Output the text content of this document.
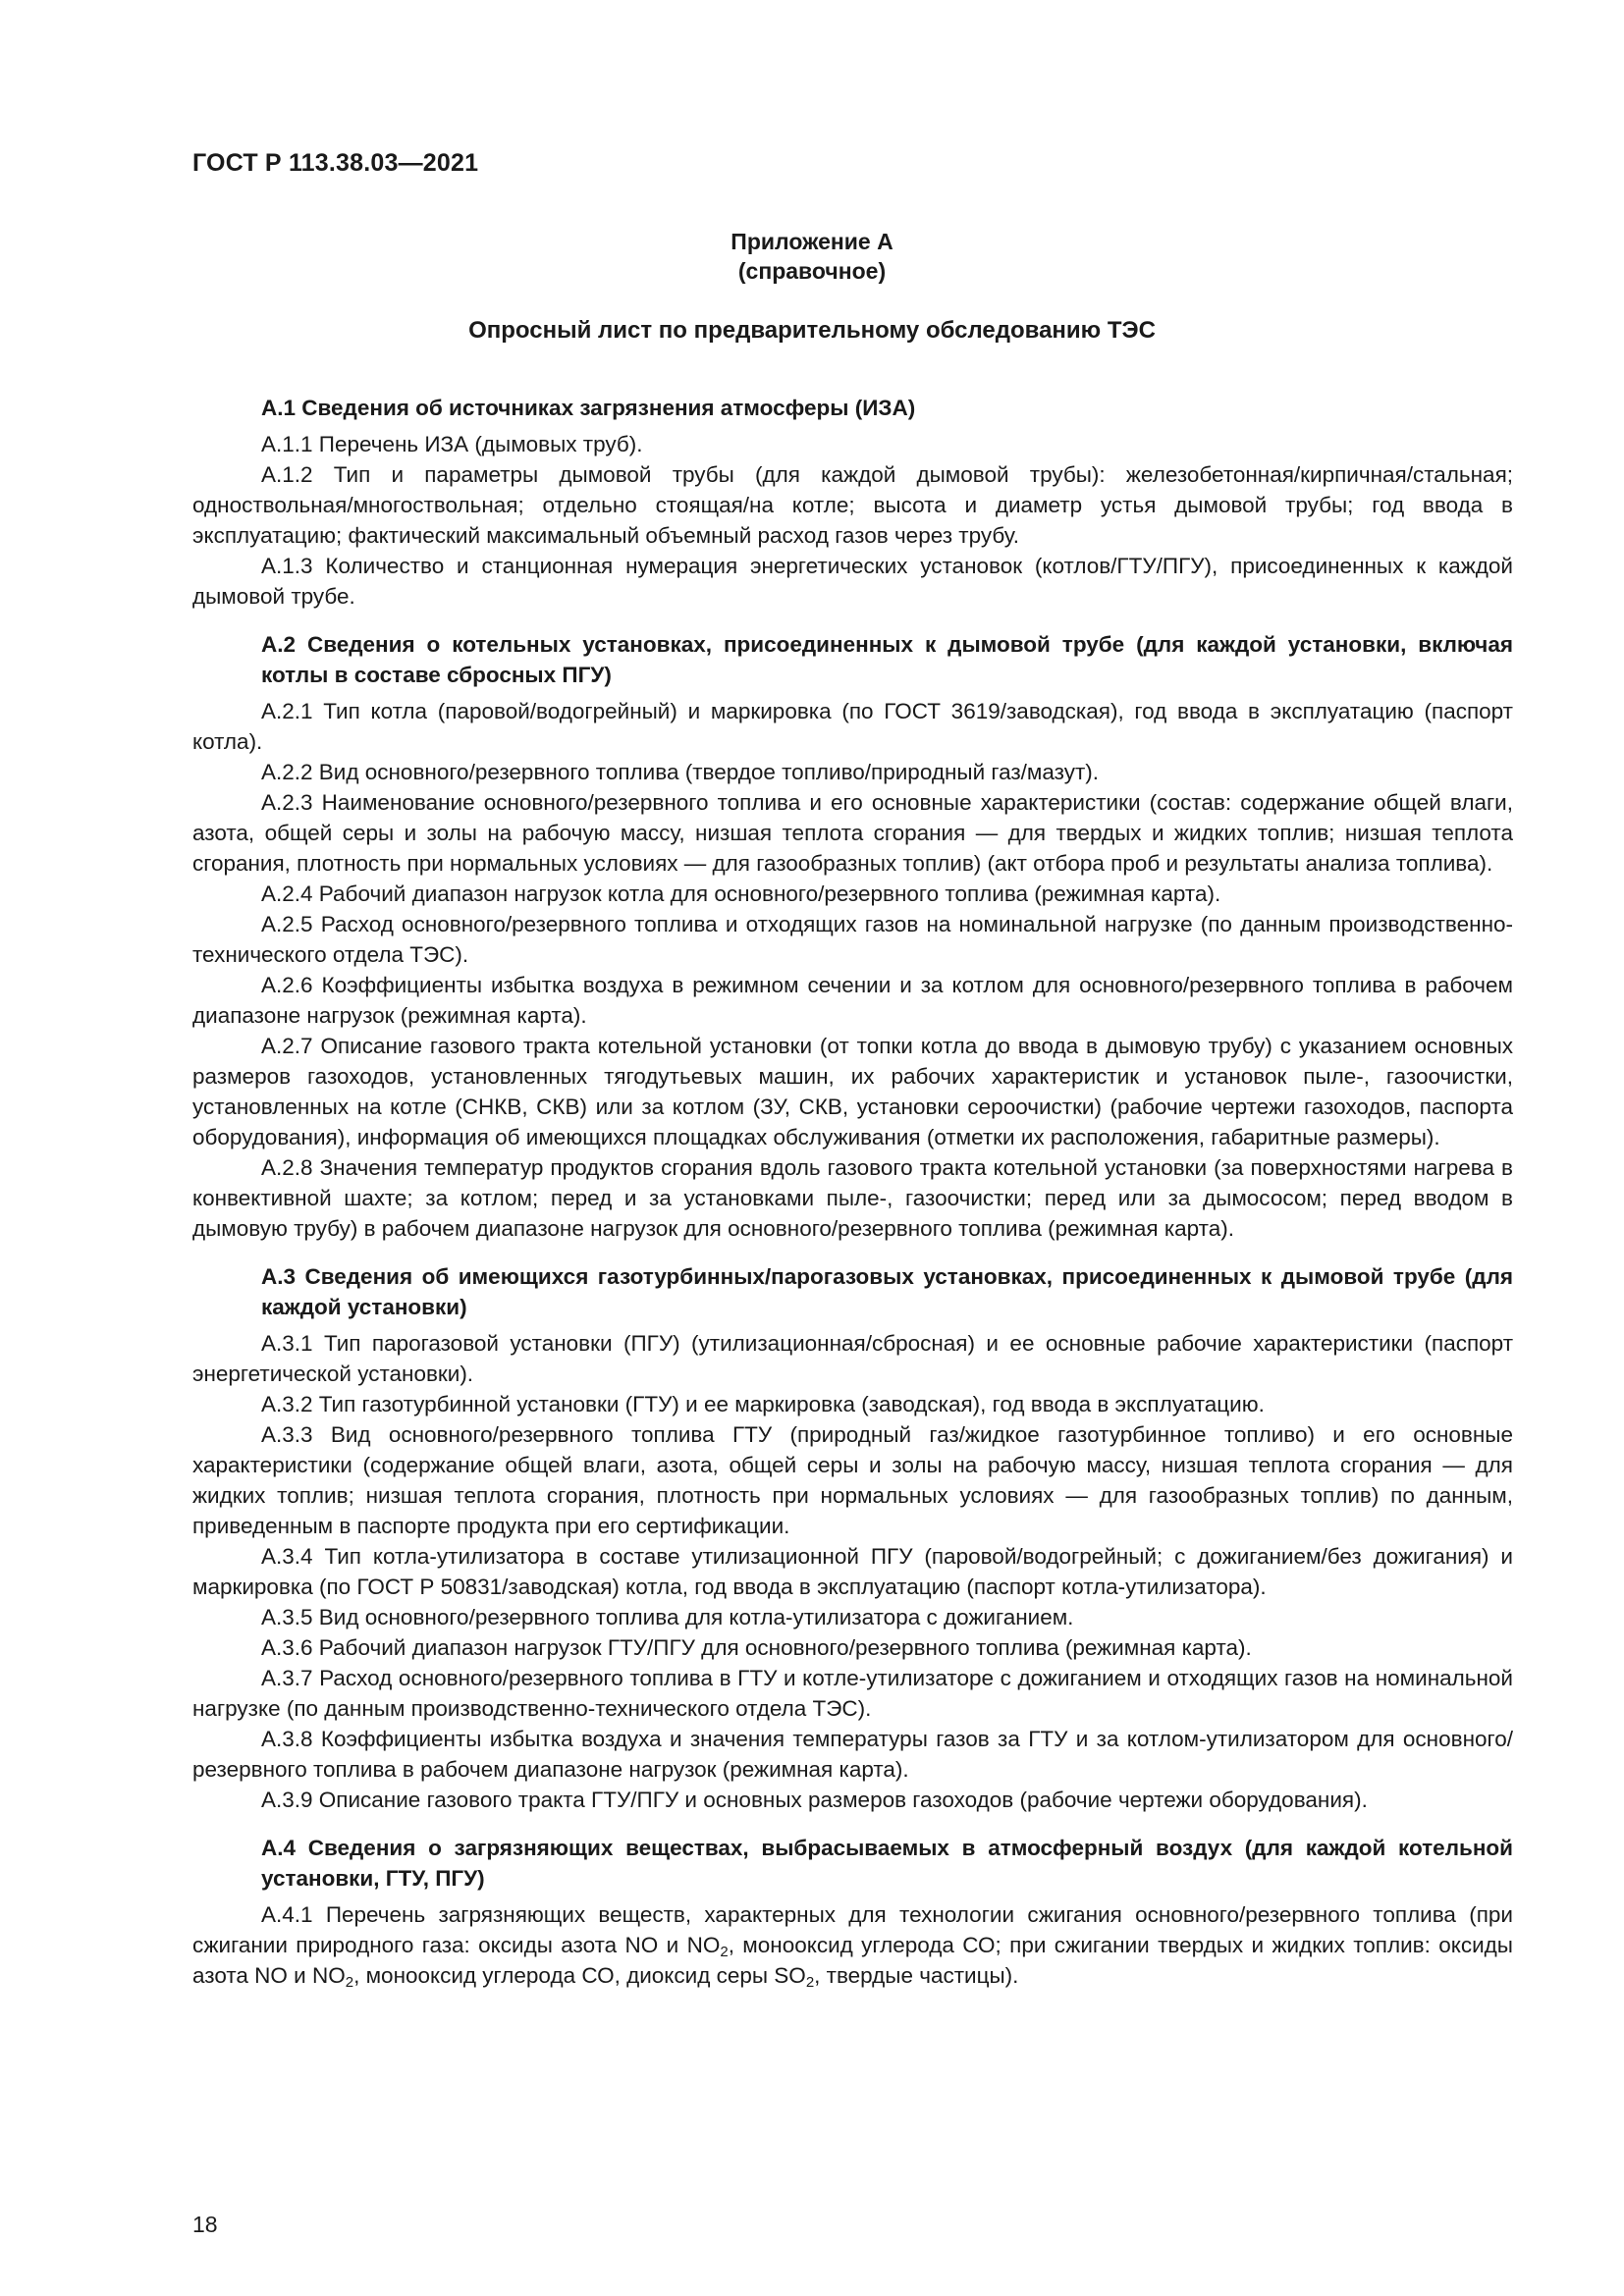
ГОСТ Р 113.38.03—2021
Приложение А
(справочное)
Опросный лист по предварительному обследованию ТЭС

А.1 Сведения об источниках загрязнения атмосферы (ИЗА)

А.1.1 Перечень ИЗА (дымовых труб).

А.1.2 Тип и параметры дымовой трубы (для каждой дымовой трубы): железобетонная/кирпичная/стальная; одноствольная/многоствольная; отдельно стоящая/на котле; высота и диаметр устья дымовой трубы; год ввода в эксплуатацию; фактический максимальный объемный расход газов через трубу.

А.1.3 Количество и станционная нумерация энергетических установок (котлов/ГТУ/ПГУ), присоединенных к каждой дымовой трубе.

А.2 Сведения о котельных установках, присоединенных к дымовой трубе (для каждой установки, включая котлы в составе сбросных ПГУ)

А.2.1 Тип котла (паровой/водогрейный) и маркировка (по ГОСТ 3619/заводская), год ввода в эксплуатацию (паспорт котла).

А.2.2 Вид основного/резервного топлива (твердое топливо/природный газ/мазут).

А.2.3 Наименование основного/резервного топлива и его основные характеристики (состав: содержание общей влаги, азота, общей серы и золы на рабочую массу, низшая теплота сгорания — для твердых и жидких топлив; низшая теплота сгорания, плотность при нормальных условиях — для газообразных топлив) (акт отбора проб и результаты анализа топлива).

А.2.4 Рабочий диапазон нагрузок котла для основного/резервного топлива (режимная карта).

А.2.5 Расход основного/резервного топлива и отходящих газов на номинальной нагрузке (по данным производственно-технического отдела ТЭС).

А.2.6 Коэффициенты избытка воздуха в режимном сечении и за котлом для основного/резервного топлива в рабочем диапазоне нагрузок (режимная карта).

А.2.7 Описание газового тракта котельной установки (от топки котла до ввода в дымовую трубу) с указанием основных размеров газоходов, установленных тягодутьевых машин, их рабочих характеристик и установок пыле-, газоочистки, установленных на котле (СНКВ, СКВ) или за котлом (ЗУ, СКВ, установки сероочистки) (рабочие чертежи газоходов, паспорта оборудования), информация об имеющихся площадках обслуживания (отметки их расположения, габаритные размеры).

А.2.8 Значения температур продуктов сгорания вдоль газового тракта котельной установки (за поверхностями нагрева в конвективной шахте; за котлом; перед и за установками пыле-, газоочистки; перед или за дымососом; перед вводом в дымовую трубу) в рабочем диапазоне нагрузок для основного/резервного топлива (режимная карта).

А.3 Сведения об имеющихся газотурбинных/парогазовых установках, присоединенных к дымовой трубе (для каждой установки)

А.3.1 Тип парогазовой установки (ПГУ) (утилизационная/сбросная) и ее основные рабочие характеристики (паспорт энергетической установки).

А.3.2 Тип газотурбинной установки (ГТУ) и ее маркировка (заводская), год ввода в эксплуатацию.

А.3.3 Вид основного/резервного топлива ГТУ (природный газ/жидкое газотурбинное топливо) и его основные характеристики (содержание общей влаги, азота, общей серы и золы на рабочую массу, низшая теплота сгорания — для жидких топлив; низшая теплота сгорания, плотность при нормальных условиях — для газообразных топлив) по данным, приведенным в паспорте продукта при его сертификации.

А.3.4 Тип котла-утилизатора в составе утилизационной ПГУ (паровой/водогрейный; с дожиганием/без дожигания) и маркировка (по ГОСТ Р 50831/заводская) котла, год ввода в эксплуатацию (паспорт котла-утилизатора).

А.3.5 Вид основного/резервного топлива для котла-утилизатора с дожиганием.

А.3.6 Рабочий диапазон нагрузок ГТУ/ПГУ для основного/резервного топлива (режимная карта).

А.3.7 Расход основного/резервного топлива в ГТУ и котле-утилизаторе с дожиганием и отходящих газов на номинальной нагрузке (по данным производственно-технического отдела ТЭС).

А.3.8 Коэффициенты избытка воздуха и значения температуры газов за ГТУ и за котлом-утилизатором для основного/резервного топлива в рабочем диапазоне нагрузок (режимная карта).

А.3.9 Описание газового тракта ГТУ/ПГУ и основных размеров газоходов (рабочие чертежи оборудования).

А.4 Сведения о загрязняющих веществах, выбрасываемых в атмосферный воздух (для каждой котельной установки, ГТУ, ПГУ)

А.4.1 Перечень загрязняющих веществ, характерных для технологии сжигания основного/резервного топлива (при сжигании природного газа: оксиды азота NO и $NO_2$, монооксид углерода СО; при сжигании твердых и жидких топлив: оксиды азота NO и $NO_2$, монооксид углерода СО, диоксид серы $SO_2$, твердые частицы).

18
